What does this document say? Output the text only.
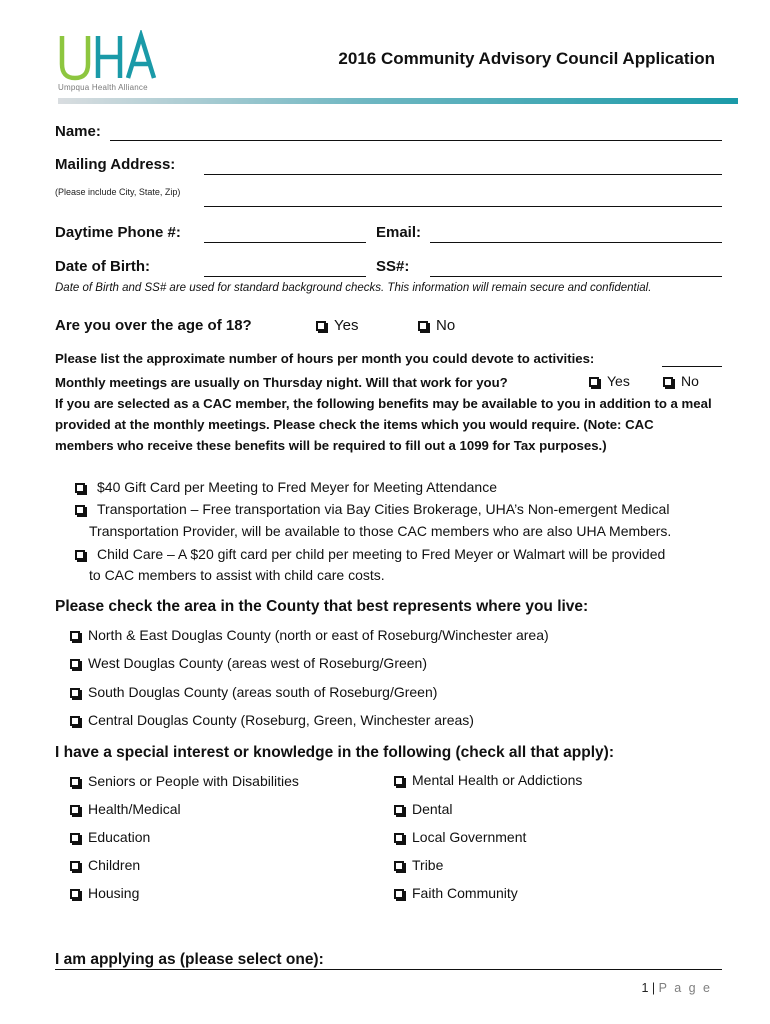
Umpqua Health Alliance
2016 Community Advisory Council Application
Name:
Mailing Address:
(Please include City, State, Zip)
Daytime Phone #:	Email:
Date of Birth:	SS#:
Date of Birth and SS# are used for standard background checks. This information will remain secure and confidential.
Are you over the age of 18?	Yes	No
Please list the approximate number of hours per month you could devote to activities:
Monthly meetings are usually on Thursday night. Will that work for you?	Yes	No
If you are selected as a CAC member, the following benefits may be available to you in addition to a meal provided at the monthly meetings. Please check the items which you would require. (Note: CAC members who receive these benefits will be required to fill out a 1099 for Tax purposes.)
$40 Gift Card per Meeting to Fred Meyer for Meeting Attendance
Transportation – Free transportation via Bay Cities Brokerage, UHA’s Non-emergent Medical
Transportation Provider, will be available to those CAC members who are also UHA Members.
Child Care – A $20 gift card per child per meeting to Fred Meyer or Walmart will be provided
to CAC members to assist with child care costs.
Please check the area in the County that best represents where you live:
North & East Douglas County (north or east of Roseburg/Winchester area)
West Douglas County (areas west of Roseburg/Green)
South Douglas County (areas south of Roseburg/Green)
Central Douglas County (Roseburg, Green, Winchester areas)
I have a special interest or knowledge in the following (check all that apply):
Seniors or People with Disabilities
Health/Medical
Education
Children
Housing
Mental Health or Addictions
Dental
Local Government
Tribe
Faith Community
I am applying as (please select one):
1 | P a g e
